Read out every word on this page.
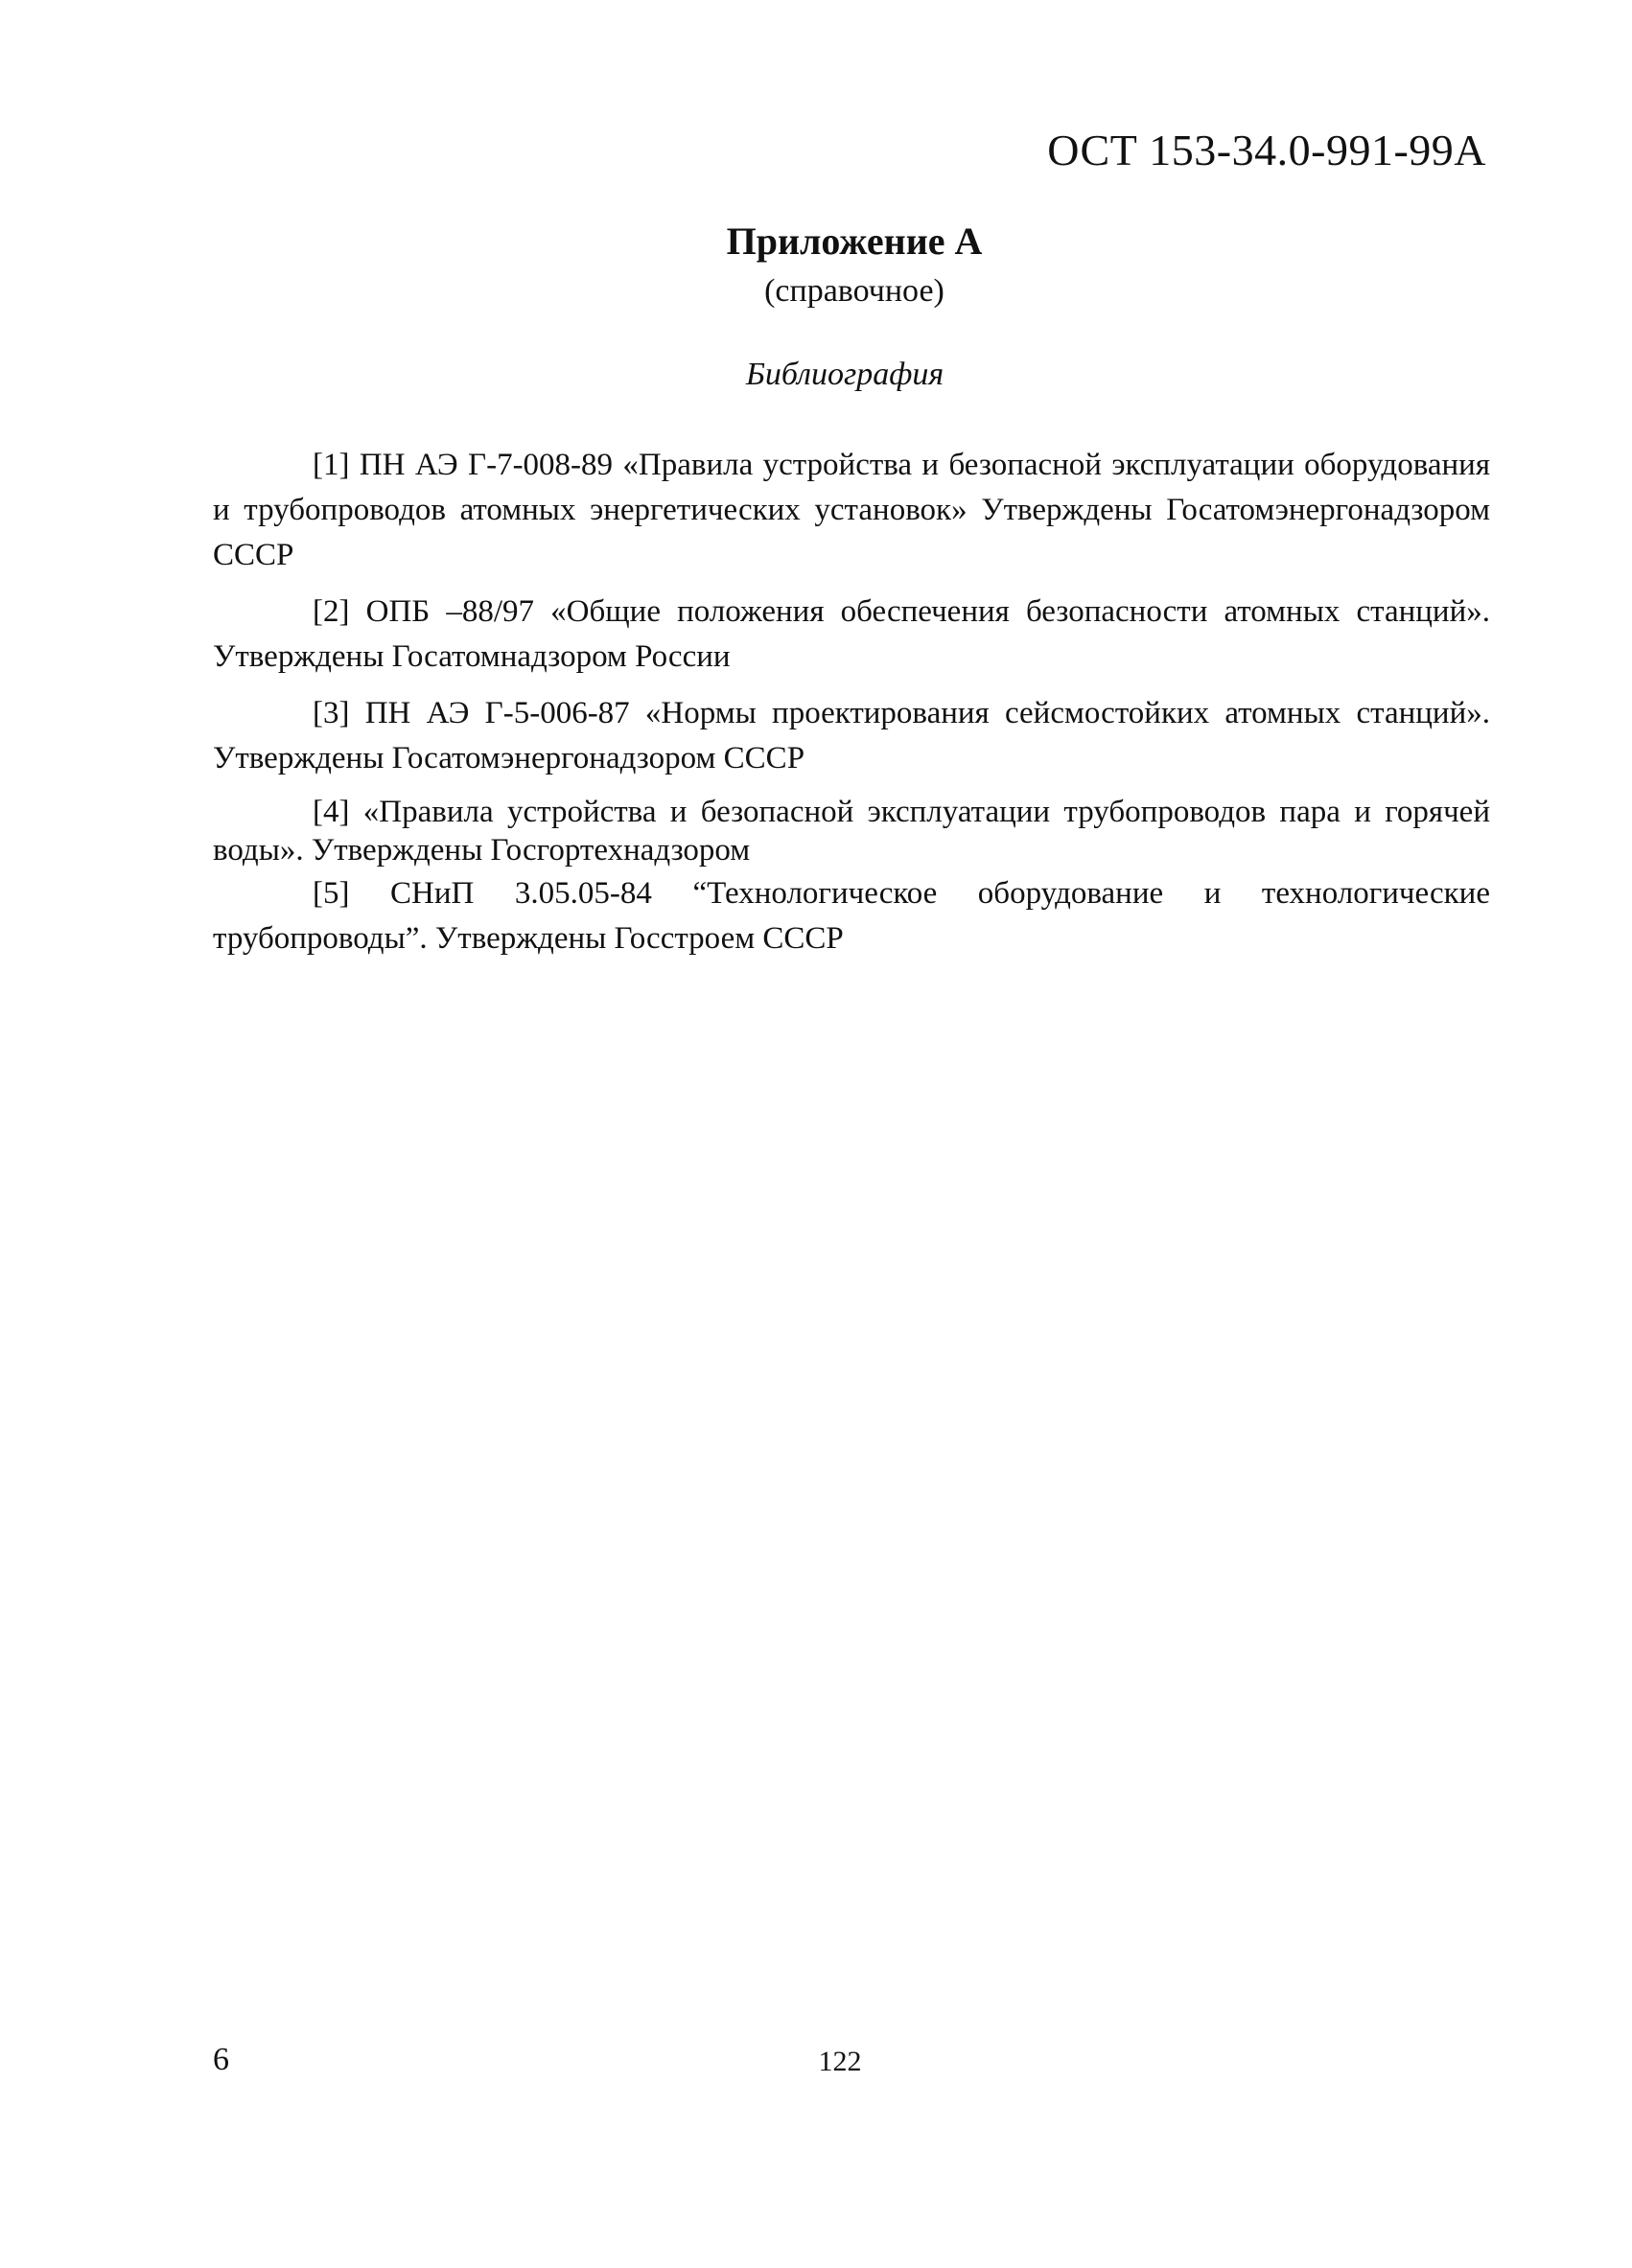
ОСТ 153-34.0-991-99А
Приложение А
(справочное)
Библиография

[1] ПН АЭ Г-7-008-89 «Правила устройства и безопасной эксплуатации оборудования и трубопроводов атомных энергетических установок» Утверждены Госатомэнергонадзором СССР

[2] ОПБ –88/97 «Общие положения обеспечения безопасности атомных станций». Утверждены Госатомнадзором России

[3] ПН АЭ Г-5-006-87 «Нормы проектирования сейсмостойких атомных станций». Утверждены Госатомэнергонадзором СССР

[4] «Правила устройства и безопасной эксплуатации трубопроводов пара и горячей воды». Утверждены Госгортехнадзором

[5] СНиП 3.05.05-84 “Технологическое оборудование и технологические трубопроводы”. Утверждены Госстроем СССР

6	122
